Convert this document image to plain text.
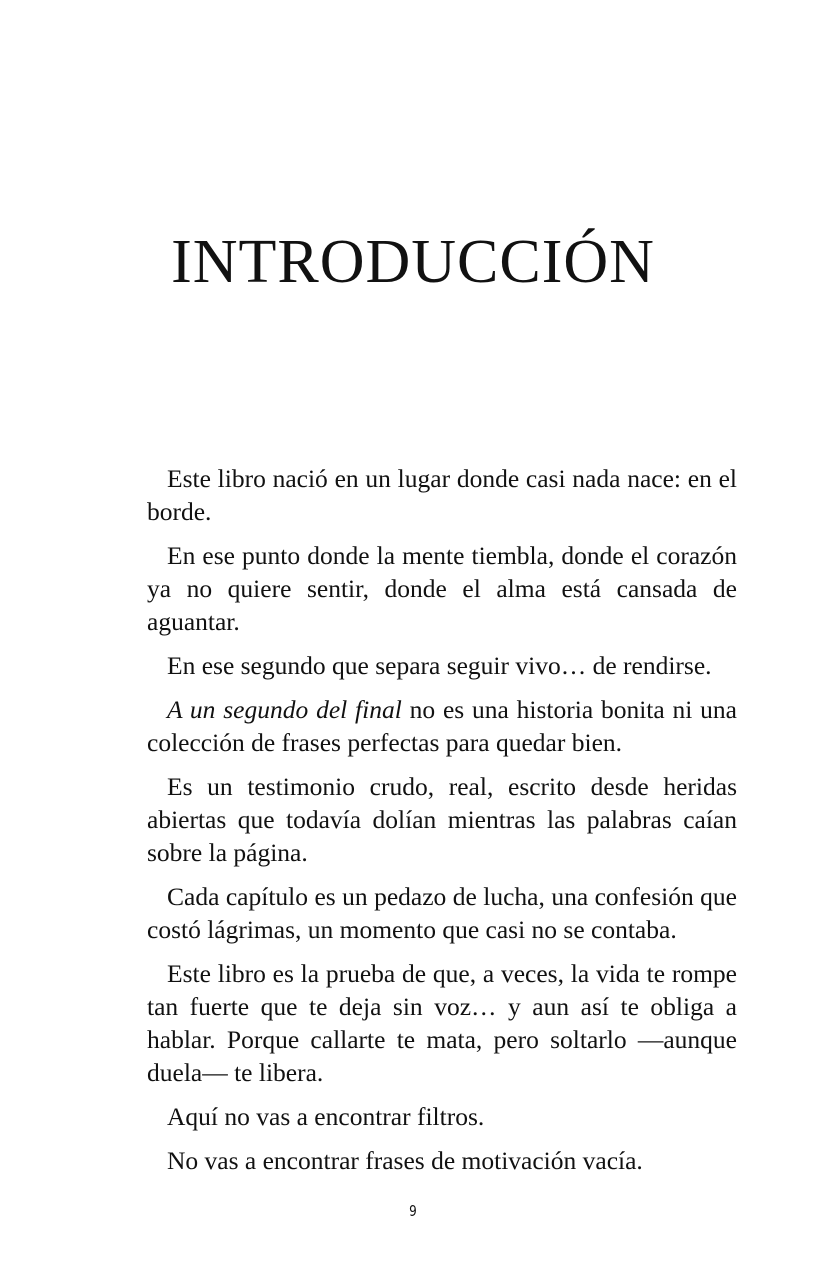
INTRODUCCIÓN

Este libro nació en un lugar donde casi nada nace: en el borde.

En ese punto donde la mente tiembla, donde el corazón ya no quiere sentir, donde el alma está cansada de aguantar.

En ese segundo que separa seguir vivo… de rendirse.

A un segundo del final no es una historia bonita ni una colección de frases perfectas para quedar bien.

Es un testimonio crudo, real, escrito desde heridas abiertas que todavía dolían mientras las palabras caían sobre la página.

Cada capítulo es un pedazo de lucha, una confesión que costó lágrimas, un momento que casi no se contaba.

Este libro es la prueba de que, a veces, la vida te rompe tan fuerte que te deja sin voz… y aun así te obliga a hablar. Porque callarte te mata, pero soltarlo —aunque duela— te libera.

Aquí no vas a encontrar filtros.

No vas a encontrar frases de motivación vacía.

9
